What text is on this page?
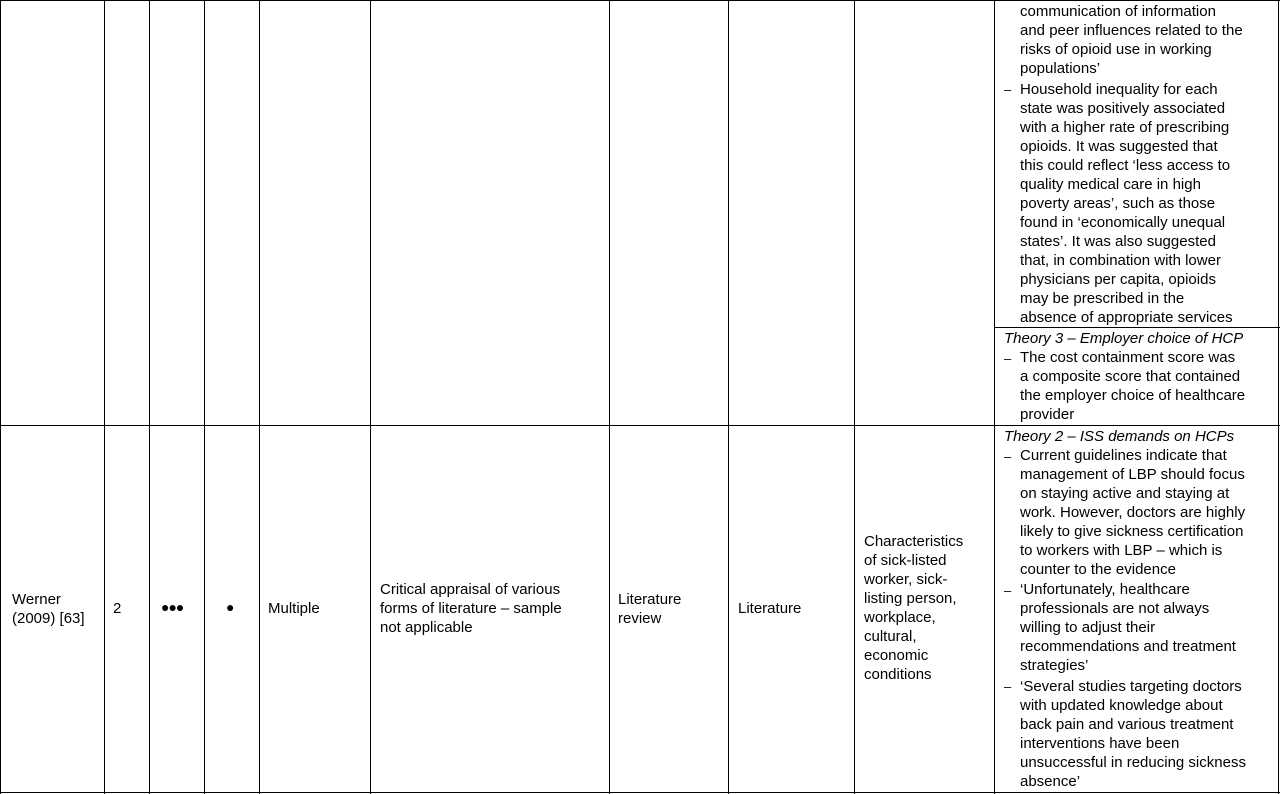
communication of information
and peer influences related to the
risks of opioid use in working
populations’
– Household inequality for each
state was positively associated
with a higher rate of prescribing
opioids. It was suggested that
this could reflect ‘less access to
quality medical care in high
poverty areas’, such as those
found in ‘economically unequal
states’. It was also suggested
that, in combination with lower
physicians per capita, opioids
may be prescribed in the
absence of appropriate services
Theory 3 – Employer choice of HCP
– The cost containment score was
a composite score that contained
the employer choice of healthcare
provider
Werner
(2009) [63]
2	●●●	● Multiple
Critical appraisal of various
forms of literature – sample
not applicable
Literature
review
Literature
Characteristics
of sick-listed
worker, sick-
listing person,
workplace,
cultural,
economic
conditions
Theory 2 – ISS demands on HCPs
– Current guidelines indicate that
management of LBP should focus
on staying active and staying at
work. However, doctors are highly
likely to give sickness certification
to workers with LBP – which is
counter to the evidence
– ‘Unfortunately, healthcare
professionals are not always
willing to adjust their
recommendations and treatment
strategies’
– ‘Several studies targeting doctors
with updated knowledge about
back pain and various treatment
interventions have been
unsuccessful in reducing sickness
absence’
